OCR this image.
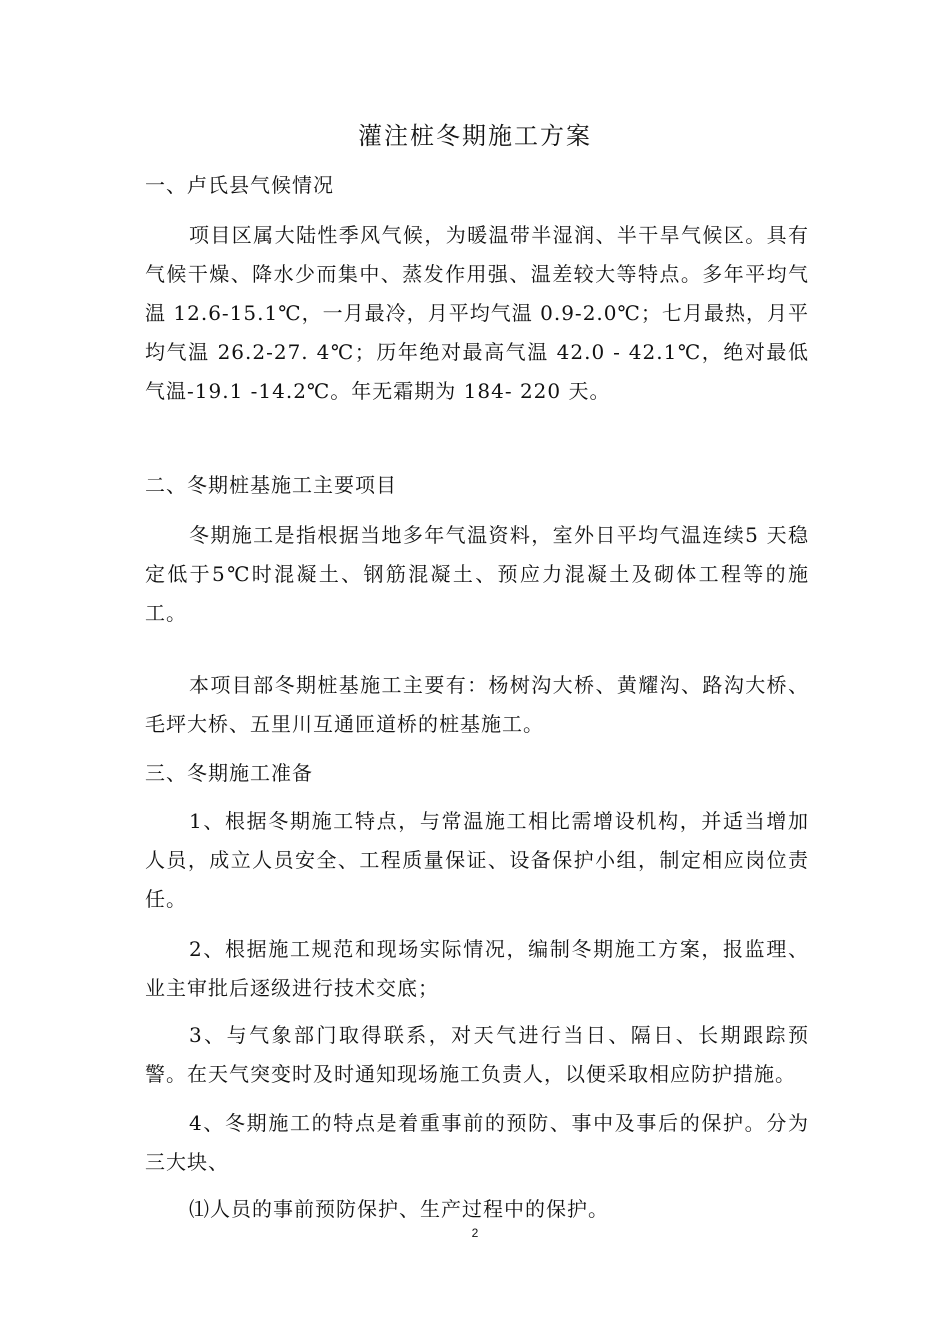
灌注桩冬期施工方案
一、卢氏县气候情况
项目区属大陆性季风气候，为暖温带半湿润、半干旱气候区。具有气候干燥、降水少而集中、蒸发作用强、温差较大等特点。多年平均气温 12.6-15.1℃，一月最冷，月平均气温 0.9-2.0℃；七月最热，月平均气温 26.2-27. 4℃；历年绝对最高气温 42.0 - 42.1℃，绝对最低气温-19.1 -14.2℃。年无霜期为 184- 220 天。
二、冬期桩基施工主要项目
冬期施工是指根据当地多年气温资料，室外日平均气温连续5 天稳定低于5℃时混凝土、钢筋混凝土、预应力混凝土及砌体工程等的施工。
本项目部冬期桩基施工主要有：杨树沟大桥、黄耀沟、路沟大桥、毛坪大桥、五里川互通匝道桥的桩基施工。
三、冬期施工准备
1、根据冬期施工特点，与常温施工相比需增设机构，并适当增加人员，成立人员安全、工程质量保证、设备保护小组，制定相应岗位责任。
2、根据施工规范和现场实际情况，编制冬期施工方案，报监理、业主审批后逐级进行技术交底；
3、与气象部门取得联系，对天气进行当日、隔日、长期跟踪预警。在天气突变时及时通知现场施工负责人，以便采取相应防护措施。
4、冬期施工的特点是着重事前的预防、事中及事后的保护。分为三大块、
⑴人员的事前预防保护、生产过程中的保护。
2
